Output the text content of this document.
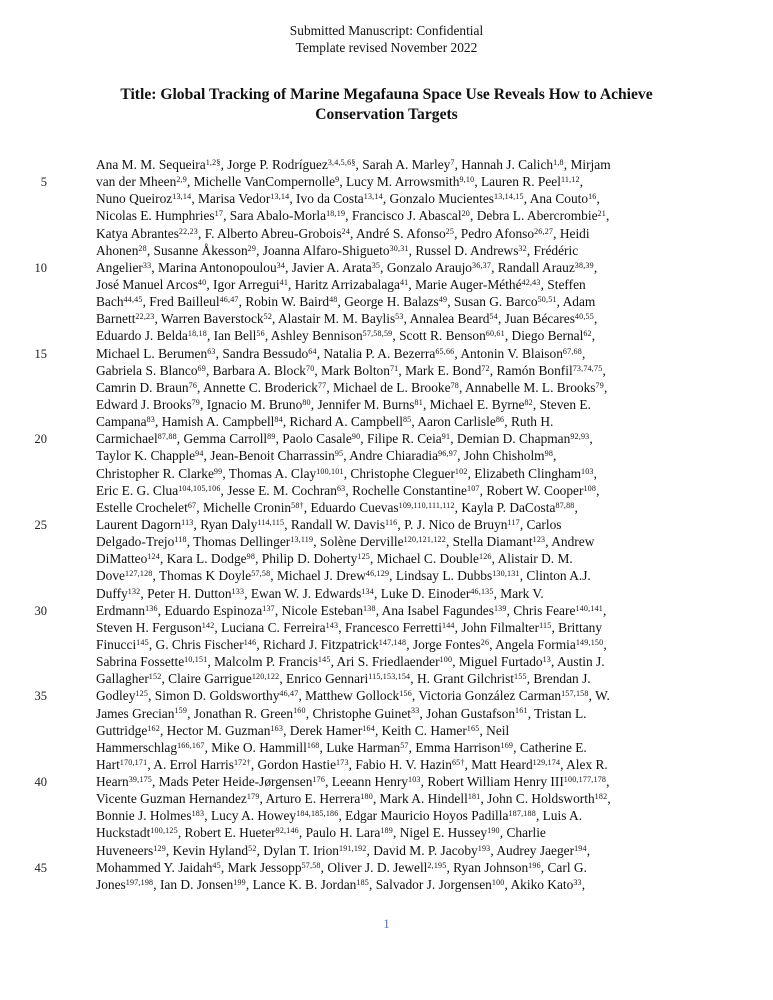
Submitted Manuscript: Confidential
Template revised November 2022
Title: Global Tracking of Marine Megafauna Space Use Reveals How to Achieve Conservation Targets
Ana M. M. Sequeira$^{1,2\S}$, Jorge P. Rodríguez$^{3,4,5,6\S}$, Sarah A. Marley$^7$, Hannah J. Calich$^{1,8}$, Mirjam
5	van der Mheen$^{2,9}$, Michelle VanCompernolle$^9$, Lucy M. Arrowsmith$^{9,10}$, Lauren R. Peel$^{11,12}$,
Nuno Queiroz$^{13,14}$, Marisa Vedor$^{13,14}$, Ivo da Costa$^{13,14}$, Gonzalo Mucientes$^{13,14,15}$, Ana Couto$^{16}$,
Nicolas E. Humphries$^{17}$, Sara Abalo-Morla$^{18,19}$, Francisco J. Abascal$^{20}$, Debra L. Abercrombie$^{21}$,
Katya Abrantes$^{22,23}$, F. Alberto Abreu-Grobois$^{24}$, André S. Afonso$^{25}$, Pedro Afonso$^{26,27}$, Heidi
Ahonen$^{28}$, Susanne Åkesson$^{29}$, Joanna Alfaro-Shigueto$^{30,31}$, Russel D. Andrews$^{32}$, Frédéric
10	Angelier$^{33}$, Marina Antonopoulou$^{34}$, Javier A. Arata$^{35}$, Gonzalo Araujo$^{36,37}$, Randall Arauz$^{38,39}$,
José Manuel Arcos$^{40}$, Igor Arregui$^{41}$, Haritz Arrizabalaga$^{41}$, Marie Auger-Méthé$^{42,43}$, Steffen
Bach$^{44,45}$, Fred Bailleul$^{46,47}$, Robin W. Baird$^{48}$, George H. Balazs$^{49}$, Susan G. Barco$^{50,51}$, Adam
Barnett$^{22,23}$, Warren Baverstock$^{52}$, Alastair M. M. Baylis$^{53}$, Annalea Beard$^{54}$, Juan Bécares$^{40,55}$,
Eduardo J. Belda$^{18,18}$, Ian Bell$^{56}$, Ashley Bennison$^{57,58,59}$, Scott R. Benson$^{60,61}$, Diego Bernal$^{62}$,
15	Michael L. Berumen$^{63}$, Sandra Bessudo$^{64}$, Natalia P. A. Bezerra$^{65,66}$, Antonin V. Blaison$^{67,68}$,
Gabriela S. Blanco$^{69}$, Barbara A. Block$^{70}$, Mark Bolton$^{71}$, Mark E. Bond$^{72}$, Ramón Bonfil$^{73,74,75}$,
Camrin D. Braun$^{76}$, Annette C. Broderick$^{77}$, Michael de L. Brooke$^{78}$, Annabelle M. L. Brooks$^{79}$,
Edward J. Brooks$^{79}$, Ignacio M. Bruno$^{80}$, Jennifer M. Burns$^{81}$, Michael E. Byrne$^{82}$, Steven E.
Campana$^{83}$, Hamish A. Campbell$^{84}$, Richard A. Campbell$^{85}$, Aaron Carlisle$^{86}$, Ruth H.
20	Carmichael$^{87,88}$, Gemma Carroll$^{89}$, Paolo Casale$^{90}$, Filipe R. Ceia$^{91}$, Demian D. Chapman$^{92,93}$,
Taylor K. Chapple$^{94}$, Jean-Benoit Charrassin$^{95}$, Andre Chiaradia$^{96,97}$, John Chisholm$^{98}$,
Christopher R. Clarke$^{99}$, Thomas A. Clay$^{100,101}$, Christophe Cleguer$^{102}$, Elizabeth Clingham$^{103}$,
Eric E. G. Clua$^{104,105,106}$, Jesse E. M. Cochran$^{63}$, Rochelle Constantine$^{107}$, Robert W. Cooper$^{108}$,
Estelle Crochelet$^{67}$, Michelle Cronin$^{58\dagger}$, Eduardo Cuevas$^{109,110,111,112}$, Kayla P. DaCosta$^{87,88}$,
25	Laurent Dagorn$^{113}$, Ryan Daly$^{114,115}$, Randall W. Davis$^{116}$, P. J. Nico de Bruyn$^{117}$, Carlos
Delgado-Trejo$^{118}$, Thomas Dellinger$^{13,119}$, Solène Derville$^{120,121,122}$, Stella Diamant$^{123}$, Andrew
DiMatteo$^{124}$, Kara L. Dodge$^{98}$, Philip D. Doherty$^{125}$, Michael C. Double$^{126}$, Alistair D. M.
Dove$^{127,128}$, Thomas K Doyle$^{57,58}$, Michael J. Drew$^{46,129}$, Lindsay L. Dubbs$^{130,131}$, Clinton A.J.
Duffy$^{132}$, Peter H. Dutton$^{133}$, Ewan W. J. Edwards$^{134}$, Luke D. Einoder$^{46,135}$, Mark V.
30	Erdmann$^{136}$, Eduardo Espinoza$^{137}$, Nicole Esteban$^{138}$, Ana Isabel Fagundes$^{139}$, Chris Feare$^{140,141}$,
Steven H. Ferguson$^{142}$, Luciana C. Ferreira$^{143}$, Francesco Ferretti$^{144}$, John Filmalter$^{115}$, Brittany
Finucci$^{145}$, G. Chris Fischer$^{146}$, Richard J. Fitzpatrick$^{147,148}$, Jorge Fontes$^{26}$, Angela Formia$^{149,150}$,
Sabrina Fossette$^{10,151}$, Malcolm P. Francis$^{145}$, Ari S. Friedlaender$^{100}$, Miguel Furtado$^{13}$, Austin J.
Gallagher$^{152}$, Claire Garrigue$^{120,122}$, Enrico Gennari$^{115,153,154}$, H. Grant Gilchrist$^{155}$, Brendan J.
35	Godley$^{125}$, Simon D. Goldsworthy$^{46,47}$, Matthew Gollock$^{156}$, Victoria González Carman$^{157,158}$, W.
James Grecian$^{159}$, Jonathan R. Green$^{160}$, Christophe Guinet$^{33}$, Johan Gustafson$^{161}$, Tristan L.
Guttridge$^{162}$, Hector M. Guzman$^{163}$, Derek Hamer$^{164}$, Keith C. Hamer$^{165}$, Neil
Hammerschlag$^{166,167}$, Mike O. Hammill$^{168}$, Luke Harman$^{57}$, Emma Harrison$^{169}$, Catherine E.
Hart$^{170,171}$, A. Errol Harris$^{172\dagger}$, Gordon Hastie$^{173}$, Fabio H. V. Hazin$^{65\dagger}$, Matt Heard$^{129,174}$, Alex R.
40	Hearn$^{39,175}$, Mads Peter Heide-Jørgensen$^{176}$, Leeann Henry$^{103}$, Robert William Henry III$^{100,177,178}$,
Vicente Guzman Hernandez$^{179}$, Arturo E. Herrera$^{180}$, Mark A. Hindell$^{181}$, John C. Holdsworth$^{182}$,
Bonnie J. Holmes$^{183}$, Lucy A. Howey$^{184,185,186}$, Edgar Mauricio Hoyos Padilla$^{187,188}$, Luis A.
Huckstadt$^{100,125}$, Robert E. Hueter$^{92,146}$, Paulo H. Lara$^{189}$, Nigel E. Hussey$^{190}$, Charlie
Huveneers$^{129}$, Kevin Hyland$^{52}$, Dylan T. Irion$^{191,192}$, David M. P. Jacoby$^{193}$, Audrey Jaeger$^{194}$,
45	Mohammed Y. Jaidah$^{45}$, Mark Jessopp$^{57,58}$, Oliver J. D. Jewell$^{2,195}$, Ryan Johnson$^{196}$, Carl G.
Jones$^{197,198}$, Ian D. Jonsen$^{199}$, Lance K. B. Jordan$^{185}$, Salvador J. Jorgensen$^{100}$, Akiko Kato$^{33}$,
1
